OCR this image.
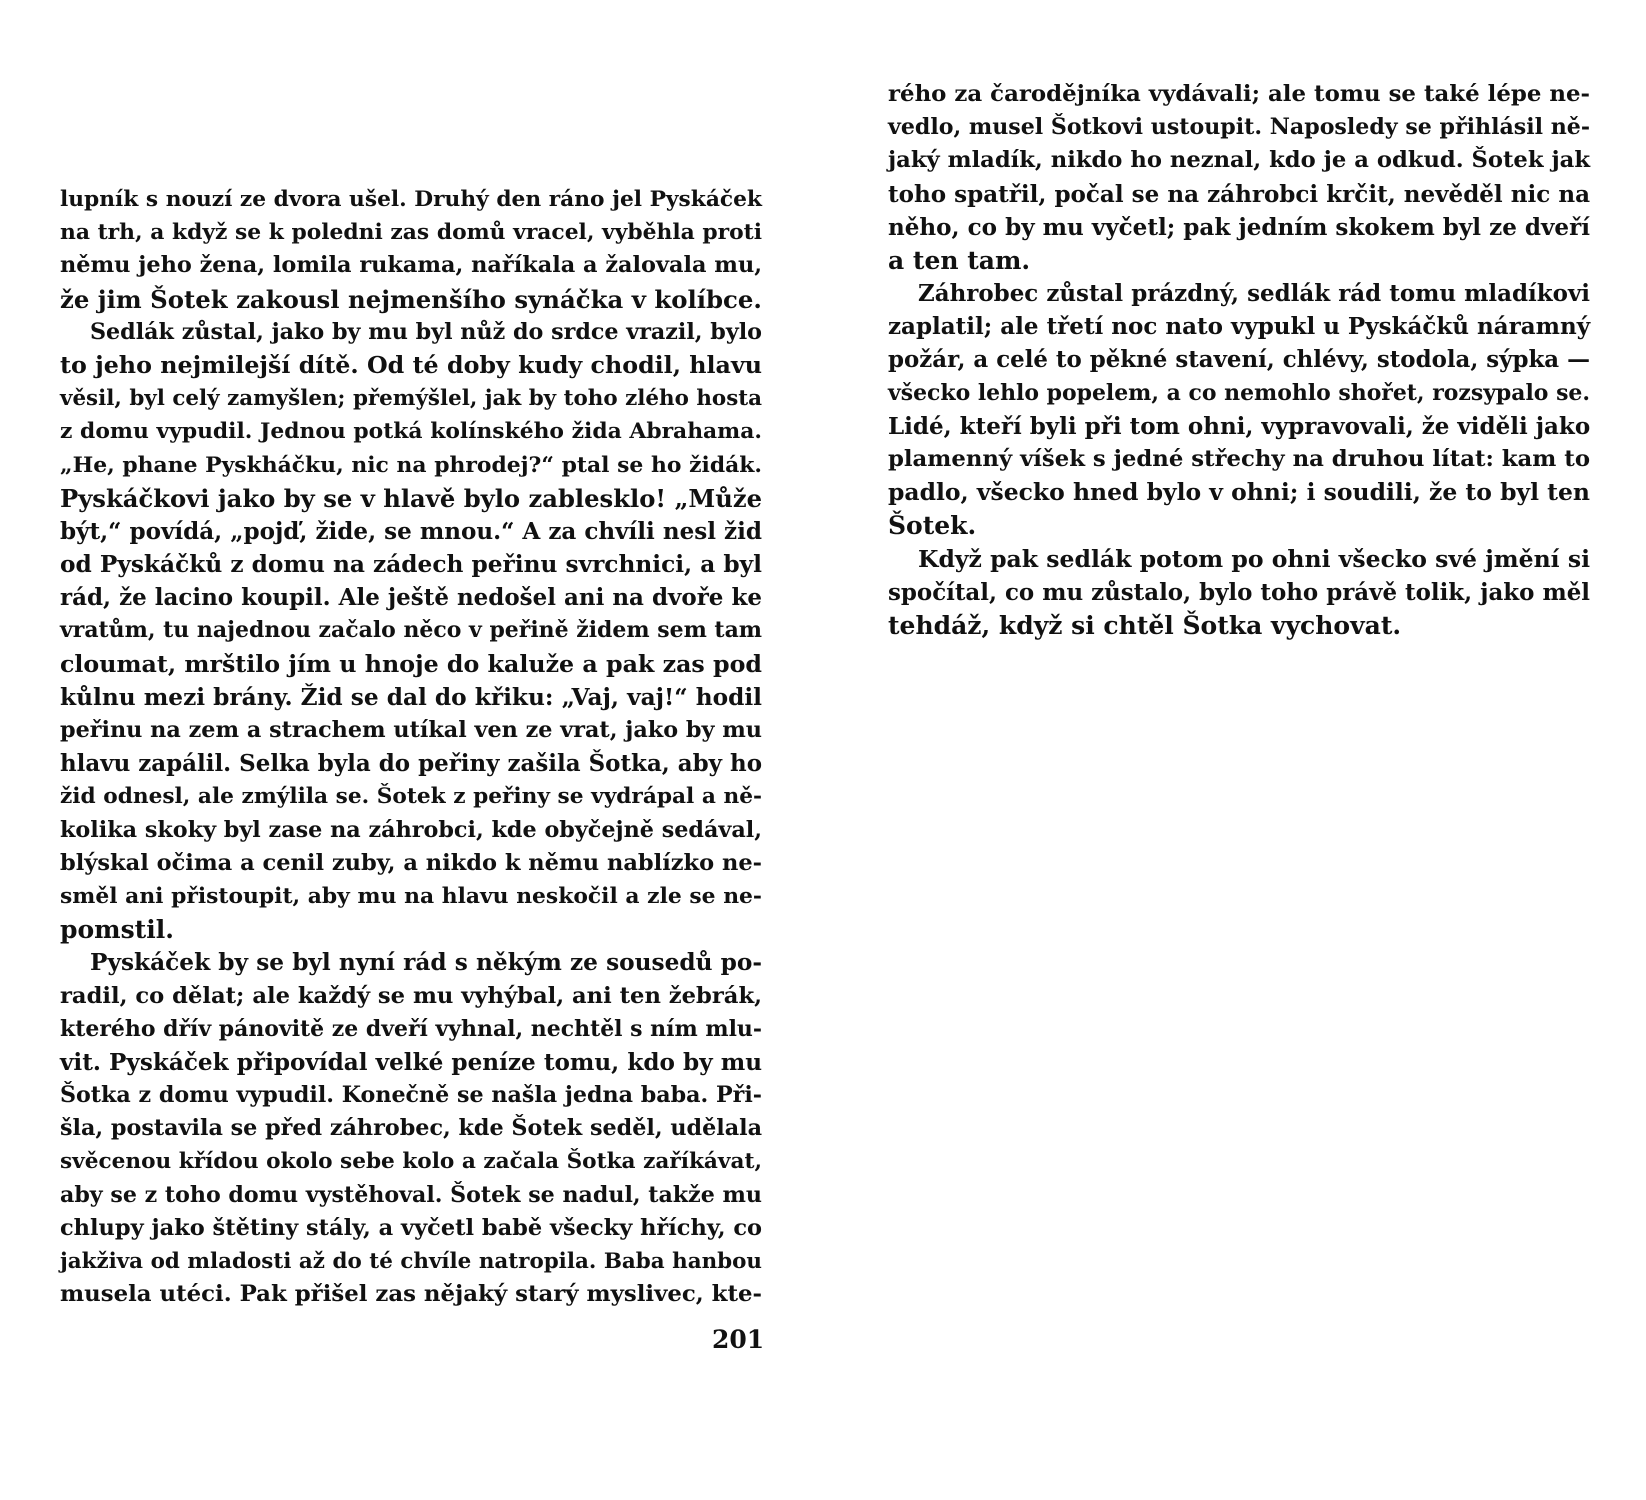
lupník s nouzí ze dvora ušel. Druhý den ráno jel Pyskáček
na trh, a když se k poledni zas domů vracel, vyběhla proti
němu jeho žena, lomila rukama, naříkala a žalovala mu,
že jim Šotek zakousl nejmenšího synáčka v kolíbce.
Sedlák zůstal, jako by mu byl nůž do srdce vrazil, bylo
to jeho nejmilejší dítě. Od té doby kudy chodil, hlavu
věsil, byl celý zamyšlen; přemýšlel, jak by toho zlého hosta
z domu vypudil. Jednou potká kolínského žida Abrahama.
„He, phane Pyskháčku, nic na phrodej?“ ptal se ho židák.
Pyskáčkovi jako by se v hlavě bylo zablesklo! „Může
být,“ povídá, „pojď, žide, se mnou.“ A za chvíli nesl žid
od Pyskáčků z domu na zádech peřinu svrchnici, a byl
rád, že lacino koupil. Ale ještě nedošel ani na dvoře ke
vratům, tu najednou začalo něco v peřině židem sem tam
cloumat, mrštilo jím u hnoje do kaluže a pak zas pod
kůlnu mezi brány. Žid se dal do křiku: „Vaj, vaj!“ hodil
peřinu na zem a strachem utíkal ven ze vrat, jako by mu
hlavu zapálil. Selka byla do peřiny zašila Šotka, aby ho
žid odnesl, ale zmýlila se. Šotek z peřiny se vydrápal a ně-
kolika skoky byl zase na záhrobci, kde obyčejně sedával,
blýskal očima a cenil zuby, a nikdo k němu nablízko ne-
směl ani přistoupit, aby mu na hlavu neskočil a zle se ne-
pomstil.
Pyskáček by se byl nyní rád s někým ze sousedů po-
radil, co dělat; ale každý se mu vyhýbal, ani ten žebrák,
kterého dřív pánovitě ze dveří vyhnal, nechtěl s ním mlu-
vit. Pyskáček připovídal velké peníze tomu, kdo by mu
Šotka z domu vypudil. Konečně se našla jedna baba. Při-
šla, postavila se před záhrobec, kde Šotek seděl, udělala
svěcenou křídou okolo sebe kolo a začala Šotka zaříkávat,
aby se z toho domu vystěhoval. Šotek se nadul, takže mu
chlupy jako štětiny stály, a vyčetl babě všecky hříchy, co
jakživa od mladosti až do té chvíle natropila. Baba hanbou
musela utéci. Pak přišel zas nějaký starý myslivec, kte-
201
rého za čarodějníka vydávali; ale tomu se také lépe ne-
vedlo, musel Šotkovi ustoupit. Naposledy se přihlásil ně-
jaký mladík, nikdo ho neznal, kdo je a odkud. Šotek jak
toho spatřil, počal se na záhrobci krčit, nevěděl nic na
něho, co by mu vyčetl; pak jedním skokem byl ze dveří
a ten tam.
Záhrobec zůstal prázdný, sedlák rád tomu mladíkovi
zaplatil; ale třetí noc nato vypukl u Pyskáčků náramný
požár, a celé to pěkné stavení, chlévy, stodola, sýpka —
všecko lehlo popelem, a co nemohlo shořet, rozsypalo se.
Lidé, kteří byli při tom ohni, vypravovali, že viděli jako
plamenný víšek s jedné střechy na druhou lítat: kam to
padlo, všecko hned bylo v ohni; i soudili, že to byl ten
Šotek.
Když pak sedlák potom po ohni všecko své jmění si
spočítal, co mu zůstalo, bylo toho právě tolik, jako měl
tehdáž, když si chtěl Šotka vychovat.
